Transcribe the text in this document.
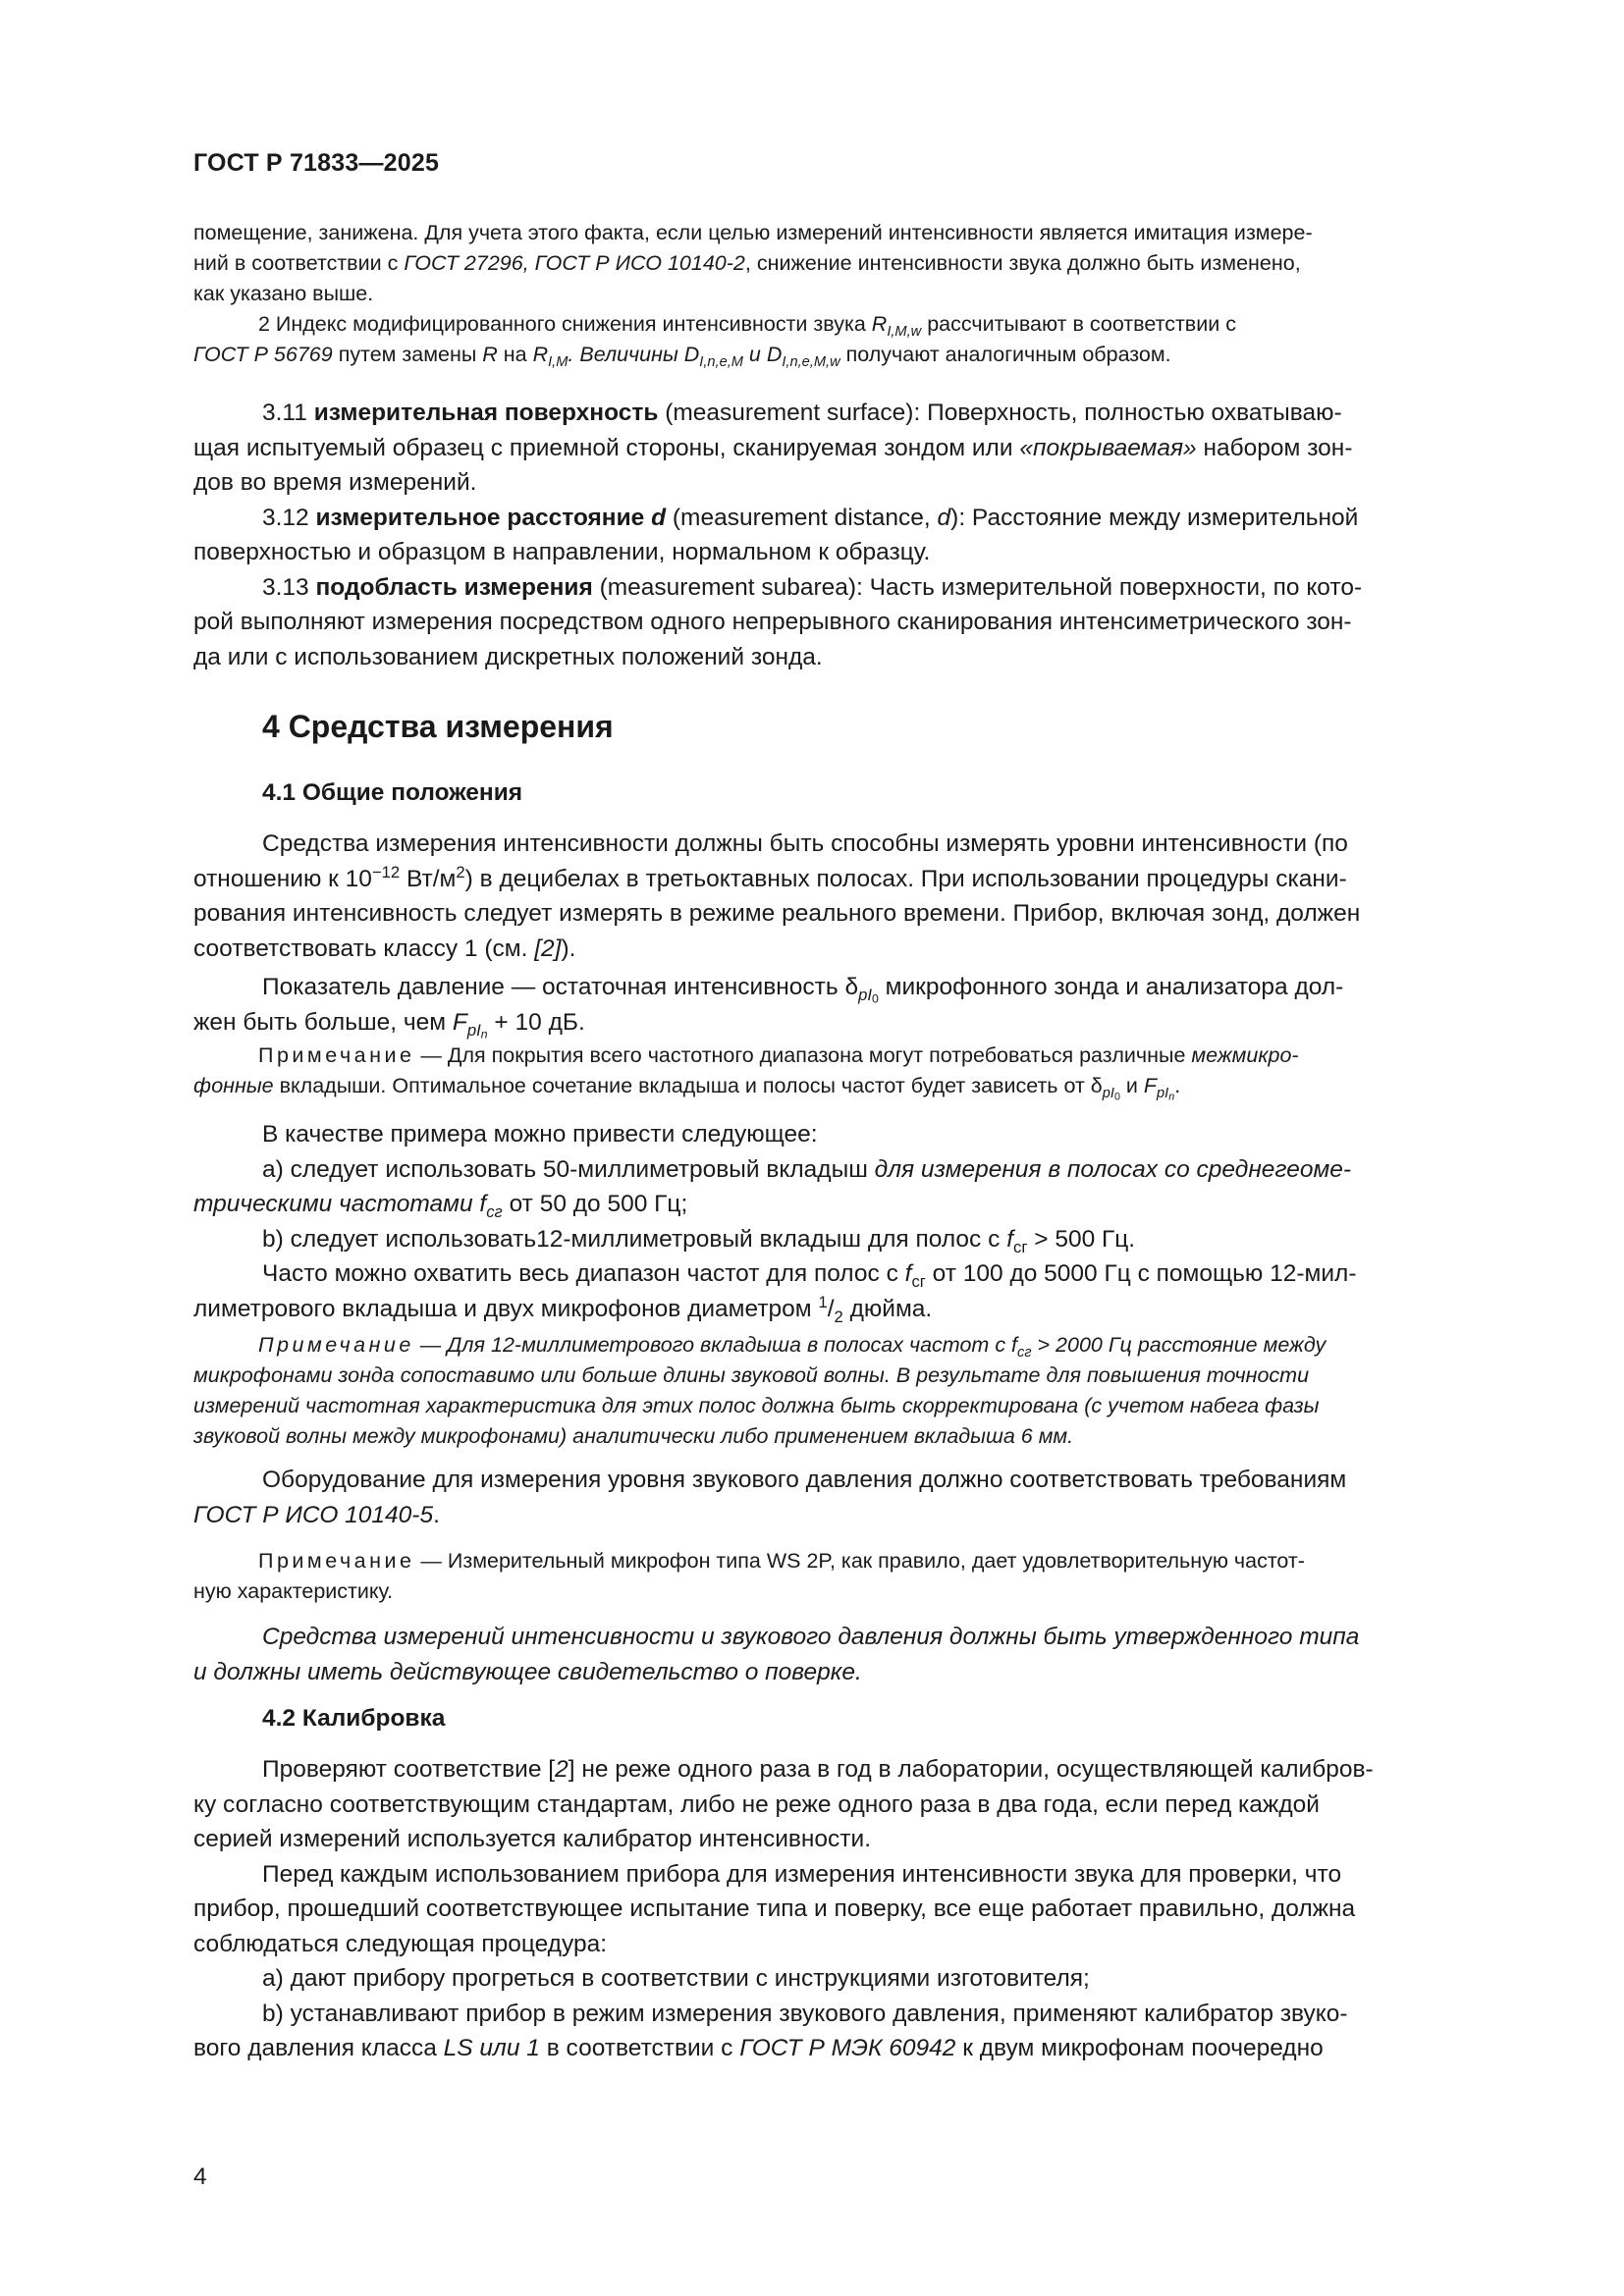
ГОСТ Р 71833—2025

помещение, занижена. Для учета этого факта, если целью измерений интенсивности является имитация измере-

ний в соответствии с ГОСТ 27296, ГОСТ Р ИСО 10140-2, снижение интенсивности звука должно быть изменено,

как указано выше.

2 Индекс модифицированного снижения интенсивности звука $R_{I,M,w}$ рассчитывают в соответствии с

ГОСТ Р 56769 путем замены R на $R_{I,M}$. Величины $D_{I,n,e,M}$ и $D_{I,n,e,M,w}$ получают аналогичным образом.

3.11 измерительная поверхность (measurement surface): Поверхность, полностью охватываю-

щая испытуемый образец с приемной стороны, сканируемая зондом или «покрываемая» набором зон-

дов во время измерений.

3.12 измерительное расстояние d (measurement distance, d): Расстояние между измерительной

поверхностью и образцом в направлении, нормальном к образцу.

3.13 подобласть измерения (measurement subarea): Часть измерительной поверхности, по кото-

рой выполняют измерения посредством одного непрерывного сканирования интенсиметрического зон-

да или с использованием дискретных положений зонда.

4 Средства измерения
4.1 Общие положения

Средства измерения интенсивности должны быть способны измерять уровни интенсивности (по

отношению к $10^{-12}$ $Вт/м^2$) в децибелах в третьоктавных полосах. При использовании процедуры скани-

рования интенсивность следует измерять в режиме реального времени. Прибор, включая зонд, должен

соответствовать классу 1 (см. [2]).

Показатель давление — остаточная интенсивность $\delta_{pI0}$ микрофонного зонда и анализатора дол-

жен быть больше, чем $F_{pIn} + 10$ дБ.

Примечание — Для покрытия всего частотного диапазона могут потребоваться различные межмикро-

фонные вкладыши. Оптимальное сочетание вкладыша и полосы частот будет зависеть от $\delta_{pI0}$ и $F_{pIn}$.

В качестве примера можно привести следующее:

a) следует использовать 50-миллиметровый вкладыш для измерения в полосах со среднегеоме-

трическими частотами $f_{сг}$ от 50 до 500 Гц;

b) следует использовать12-миллиметровый вкладыш для полос с $f_{сг} > 500$ Гц.

Часто можно охватить весь диапазон частот для полос с $f_{сг}$ от 100 до 5000 Гц с помощью 12-мил-

лиметрового вкладыша и двух микрофонов диаметром $^1/_2$ дюйма.

Примечание — Для 12-миллиметрового вкладыша в полосах частот с $f_{сг} > 2000$ Гц расстояние между

микрофонами зонда сопоставимо или больше длины звуковой волны. В результате для повышения точности

измерений частотная характеристика для этих полос должна быть скорректирована (с учетом набега фазы

звуковой волны между микрофонами) аналитически либо применением вкладыша 6 мм.

Оборудование для измерения уровня звукового давления должно соответствовать требованиям

ГОСТ Р ИСО 10140-5.

Примечание — Измерительный микрофон типа WS 2P, как правило, дает удовлетворительную частот-

ную характеристику.

Средства измерений интенсивности и звукового давления должны быть утвержденного типа

и должны иметь действующее свидетельство о поверке.

4.2 Калибровка

Проверяют соответствие [2] не реже одного раза в год в лаборатории, осуществляющей калибров-

ку согласно соответствующим стандартам, либо не реже одного раза в два года, если перед каждой

серией измерений используется калибратор интенсивности.

Перед каждым использованием прибора для измерения интенсивности звука для проверки, что

прибор, прошедший соответствующее испытание типа и поверку, все еще работает правильно, должна

соблюдаться следующая процедура:

a) дают прибору прогреться в соответствии с инструкциями изготовителя;

b) устанавливают прибор в режим измерения звукового давления, применяют калибратор звуко-

вого давления класса LS или 1 в соответствии с ГОСТ Р МЭК 60942 к двум микрофонам поочередно

4
